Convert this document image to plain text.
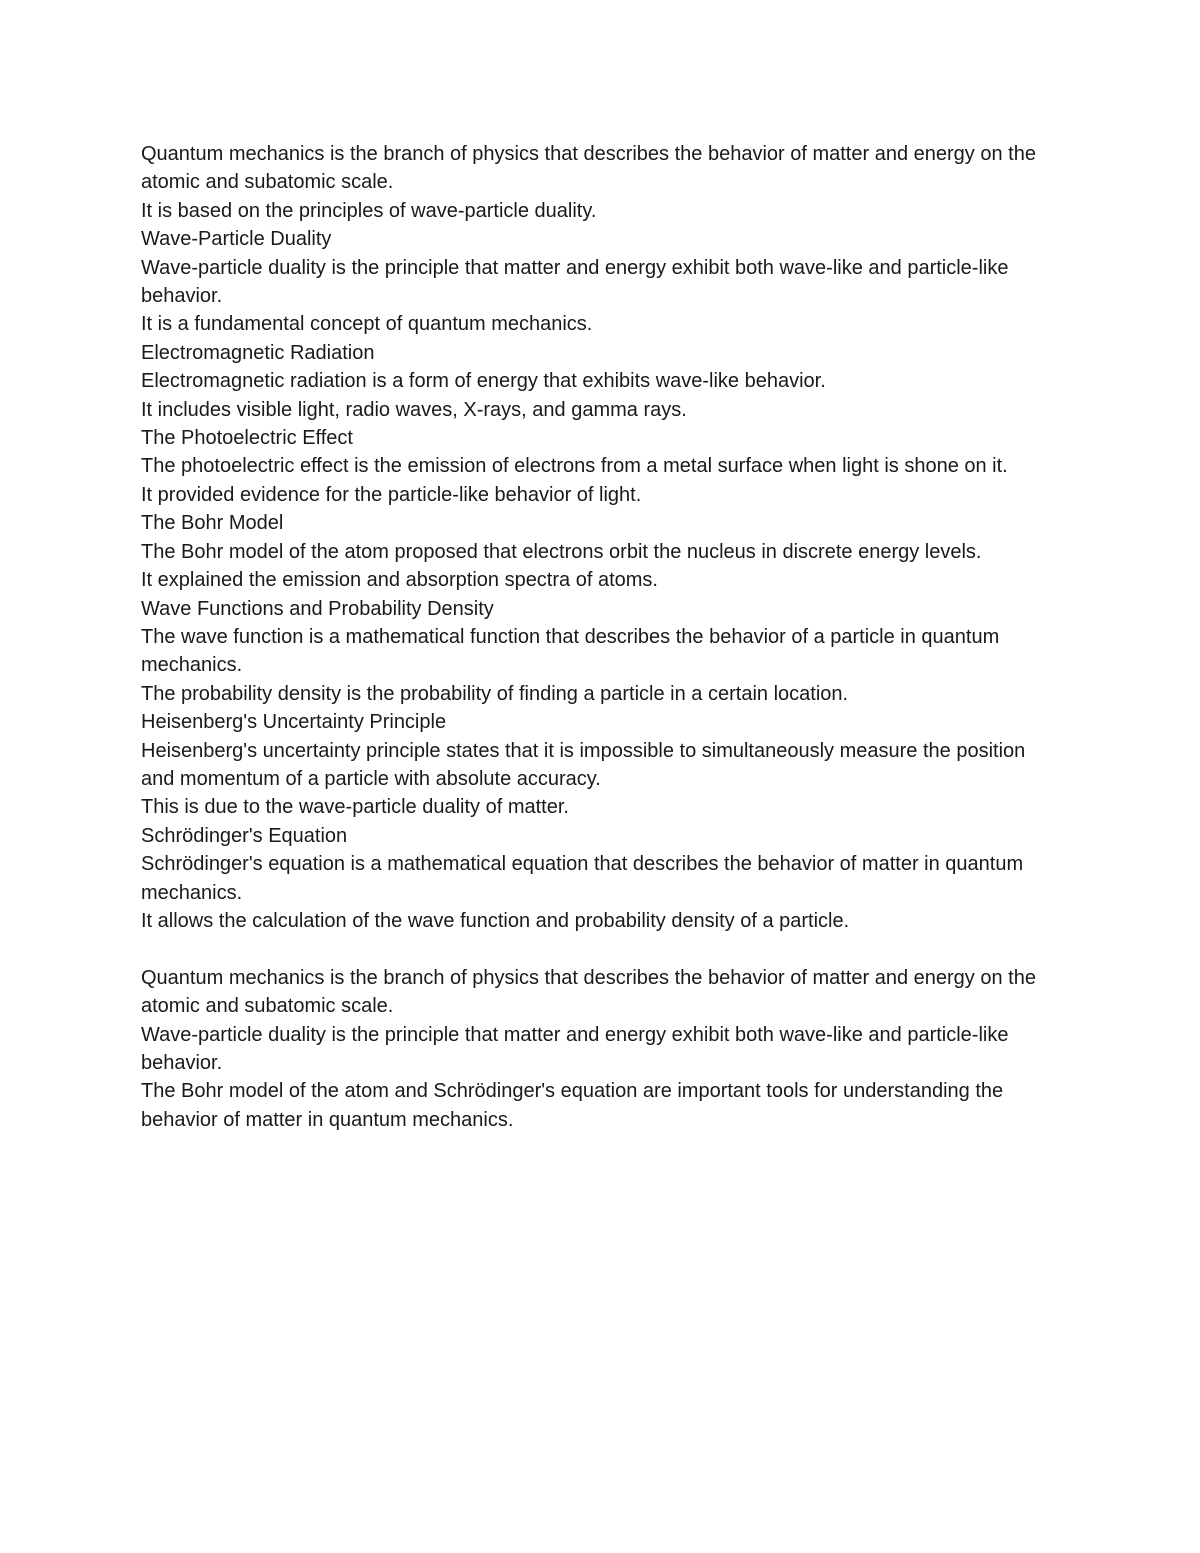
Quantum mechanics is the branch of physics that describes the behavior of matter and energy on the atomic and subatomic scale.

It is based on the principles of wave-particle duality.

Wave-Particle Duality

Wave-particle duality is the principle that matter and energy exhibit both wave-like and particle-like behavior.

It is a fundamental concept of quantum mechanics.

Electromagnetic Radiation

Electromagnetic radiation is a form of energy that exhibits wave-like behavior.

It includes visible light, radio waves, X-rays, and gamma rays.

The Photoelectric Effect

The photoelectric effect is the emission of electrons from a metal surface when light is shone on it.

It provided evidence for the particle-like behavior of light.

The Bohr Model

The Bohr model of the atom proposed that electrons orbit the nucleus in discrete energy levels.

It explained the emission and absorption spectra of atoms.

Wave Functions and Probability Density

The wave function is a mathematical function that describes the behavior of a particle in quantum mechanics.

The probability density is the probability of finding a particle in a certain location.

Heisenberg's Uncertainty Principle

Heisenberg's uncertainty principle states that it is impossible to simultaneously measure the position and momentum of a particle with absolute accuracy.

This is due to the wave-particle duality of matter.

Schrödinger's Equation

Schrödinger's equation is a mathematical equation that describes the behavior of matter in quantum mechanics.

It allows the calculation of the wave function and probability density of a particle.

Quantum mechanics is the branch of physics that describes the behavior of matter and energy on the atomic and subatomic scale.

Wave-particle duality is the principle that matter and energy exhibit both wave-like and particle-like behavior.

The Bohr model of the atom and Schrödinger's equation are important tools for understanding the behavior of matter in quantum mechanics.
